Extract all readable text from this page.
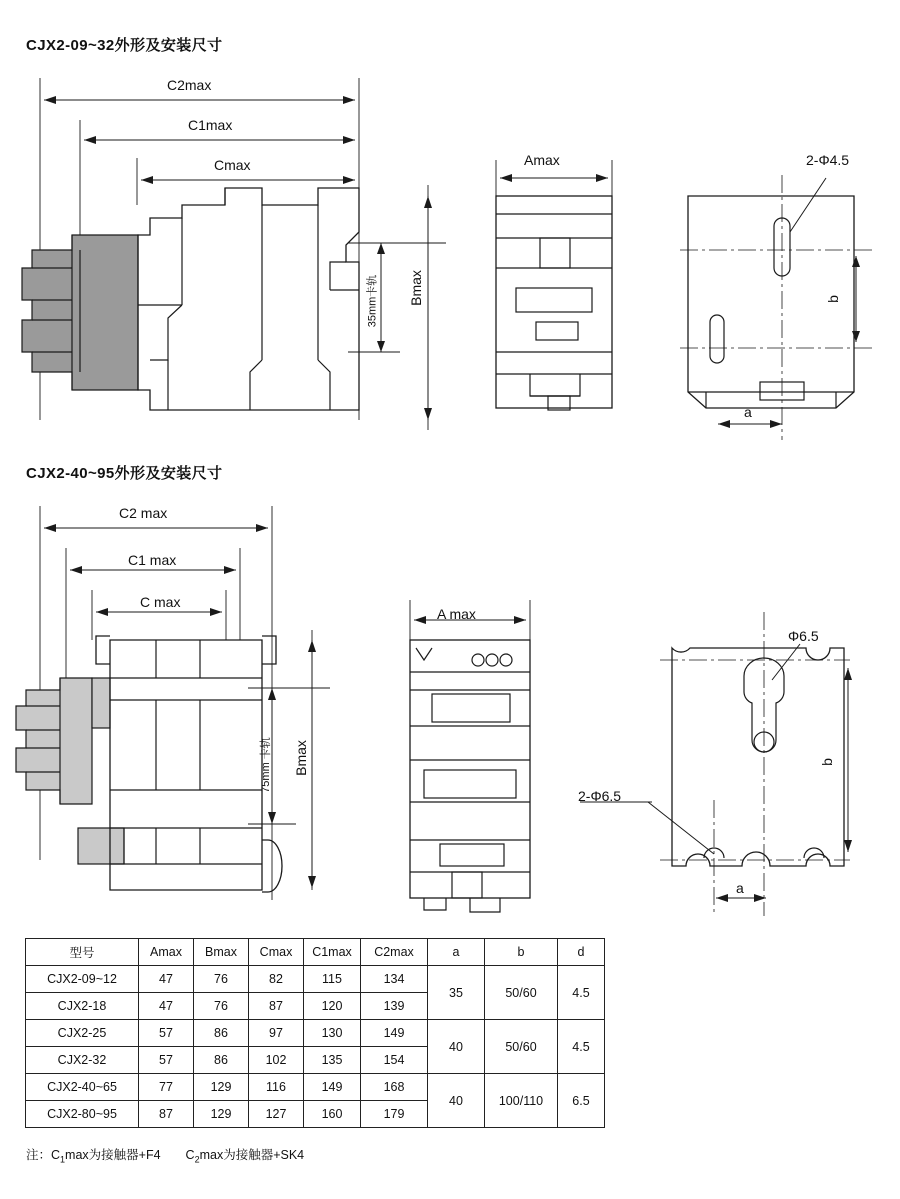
CJX2-09~32外形及安装尺寸
CJX2-40~95外形及安装尺寸
C2max
C1max
Cmax	Amax
Bmax
35mm卡轨
2-Φ4.5
b
a
C2 max
C1 max
C max
A max
Bmax
75mm 卡轨
Φ6.5
2-Φ6.5
b
a
型号	Amax	Bmax	Cmax	C1max	C2max	a	b	d
CJX2-09~12	47	76	82	115	134	35	50/60	4.5
CJX2-18	47	76	87	120	139			
CJX2-25	57	86	97	130	149	40	50/60	4.5
CJX2-32	57	86	102	135	154			
CJX2-40~65	77	129	116	149	168	40	100/110	6.5
CJX2-80~95	87	129	127	160	179			
注：$C_1\max$为接触器+F4　　$C_2\max$为接触器+SK4
